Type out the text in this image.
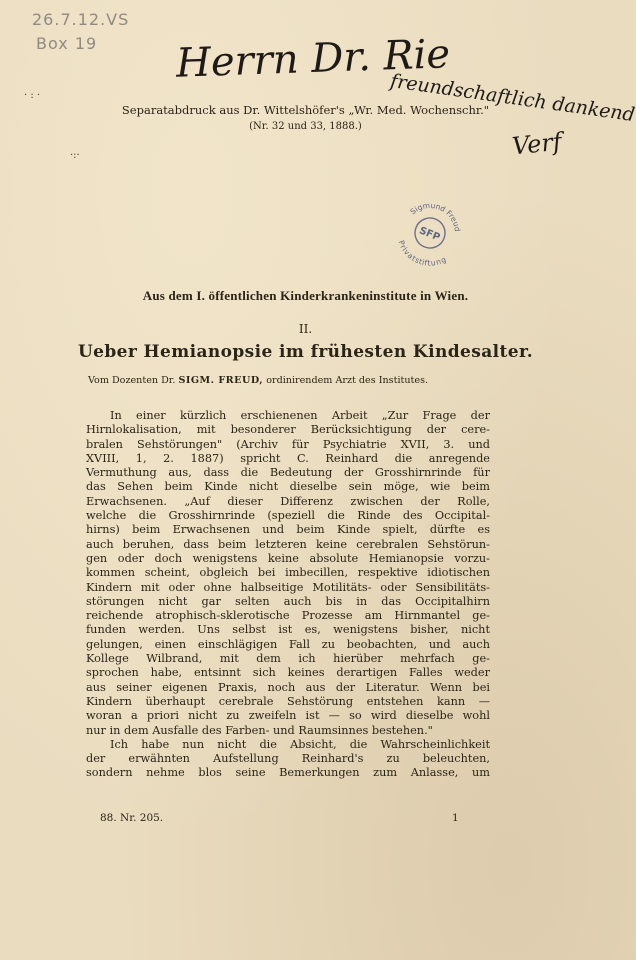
26.7.12.VS
Box 19 Herrn Dr. Rie
freundschaftlich dankend
Verf
· : ·
·:·
Separatabdruck aus Dr. Wittelshöfer's „Wr. Med. Wochenschr."
(Nr. 32 und 33, 1888.)
Sigmund Freud
SFP
Privatstiftung
Aus dem I. öffentlichen Kinderkrankeninstitute in Wien.
II.
Ueber Hemianopsie im frühesten Kindesalter.
Vom Dozenten Dr. SIGM. FREUD, ordinirendem Arzt des Institutes.
In einer kürzlich erschienenen Arbeit „Zur Frage der
Hirnlokalisation, mit besonderer Berücksichtigung der cere-
bralen Sehstörungen" (Archiv für Psychiatrie XVII, 3. und
XVIII, 1, 2. 1887) spricht C. Reinhard die anregende
Vermuthung aus, dass die Bedeutung der Grosshirnrinde für
das Sehen beim Kinde nicht dieselbe sein möge, wie beim
Erwachsenen. „Auf dieser Differenz zwischen der Rolle,
welche die Grosshirnrinde (speziell die Rinde des Occipital-
hirns) beim Erwachsenen und beim Kinde spielt, dürfte es
auch beruhen, dass beim letzteren keine cerebralen Sehstörun-
gen oder doch wenigstens keine absolute Hemianopsie vorzu-
kommen scheint, obgleich bei imbecillen, respektive idiotischen
Kindern mit oder ohne halbseitige Motilitäts- oder Sensibilitäts-
störungen nicht gar selten auch bis in das Occipitalhirn
reichende atrophisch-sklerotische Prozesse am Hirnmantel ge-
funden werden. Uns selbst ist es, wenigstens bisher, nicht
gelungen, einen einschlägigen Fall zu beobachten, und auch
Kollege Wilbrand, mit dem ich hierüber mehrfach ge-
sprochen habe, entsinnt sich keines derartigen Falles weder
aus seiner eigenen Praxis, noch aus der Literatur. Wenn bei
Kindern überhaupt cerebrale Sehstörung entstehen kann —
woran a priori nicht zu zweifeln ist — so wird dieselbe wohl
nur in dem Ausfalle des Farben- und Raumsinnes bestehen."
Ich habe nun nicht die Absicht, die Wahrscheinlichkeit
der erwähnten Aufstellung Reinhard's zu beleuchten,
sondern nehme blos seine Bemerkungen zum Anlasse, um
88. Nr. 205.	1
